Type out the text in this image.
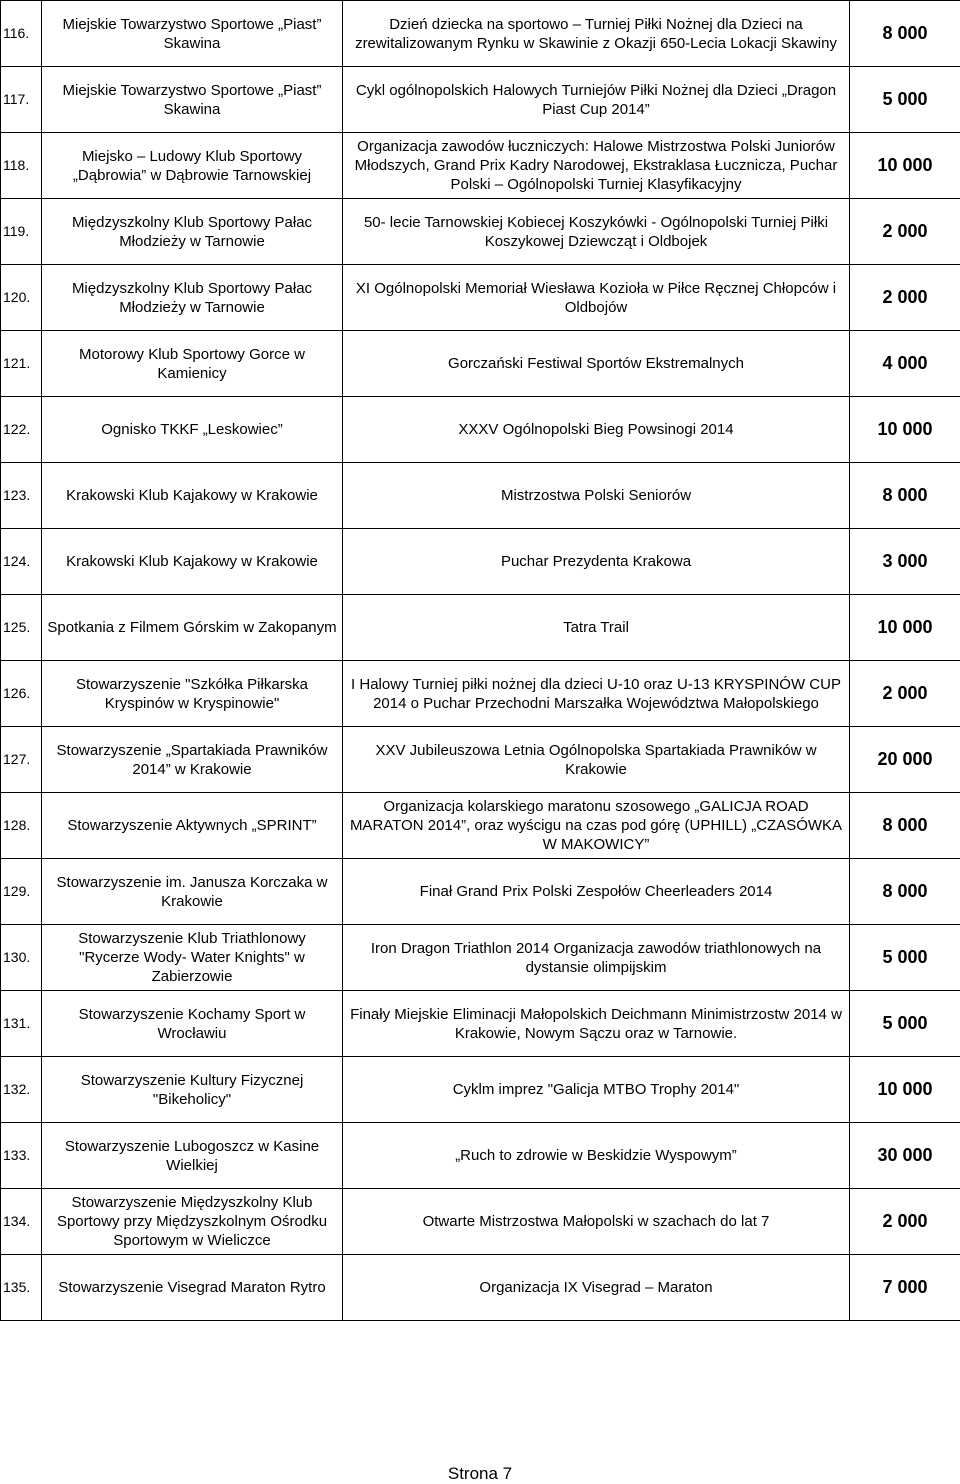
116.	Miejskie Towarzystwo Sportowe „Piast” Skawina	Dzień dziecka na sportowo – Turniej Piłki Nożnej dla Dzieci na zrewitalizowanym Rynku w Skawinie z Okazji 650-Lecia Lokacji Skawiny	8 000
117.	Miejskie Towarzystwo Sportowe „Piast” Skawina	Cykl ogólnopolskich Halowych Turniejów Piłki Nożnej dla Dzieci „Dragon Piast Cup 2014”	5 000
118.	Miejsko – Ludowy Klub Sportowy „Dąbrowia” w Dąbrowie Tarnowskiej	Organizacja zawodów łuczniczych: Halowe Mistrzostwa Polski Juniorów Młodszych, Grand Prix Kadry Narodowej, Ekstraklasa Łucznicza, Puchar Polski – Ogólnopolski Turniej Klasyfikacyjny	10 000
119.	Międzyszkolny Klub Sportowy Pałac Młodzieży w Tarnowie	50- lecie Tarnowskiej Kobiecej Koszykówki - Ogólnopolski Turniej Piłki Koszykowej Dziewcząt i Oldbojek	2 000
120.	Międzyszkolny Klub Sportowy Pałac Młodzieży w Tarnowie	XI Ogólnopolski Memoriał Wiesława Kozioła w Piłce Ręcznej Chłopców i Oldbojów	2 000
121.	Motorowy Klub Sportowy Gorce w Kamienicy	Gorczański Festiwal Sportów Ekstremalnych	4 000
122.	Ognisko TKKF „Leskowiec”	XXXV Ogólnopolski Bieg Powsinogi 2014	10 000
123.	Krakowski Klub Kajakowy w Krakowie	Mistrzostwa Polski Seniorów	8 000
124.	Krakowski Klub Kajakowy w Krakowie	Puchar Prezydenta Krakowa	3 000
125.	Spotkania z Filmem Górskim w Zakopanym	Tatra Trail	10 000
126.	Stowarzyszenie "Szkółka Piłkarska Kryspinów w Kryspinowie"	I Halowy Turniej piłki nożnej dla dzieci U-10 oraz U-13 KRYSPINÓW CUP 2014 o Puchar Przechodni Marszałka Województwa Małopolskiego	2 000
127.	Stowarzyszenie „Spartakiada Prawników 2014” w Krakowie	XXV Jubileuszowa Letnia Ogólnopolska Spartakiada Prawników w Krakowie	20 000
128.	Stowarzyszenie Aktywnych „SPRINT”	Organizacja kolarskiego maratonu szosowego „GALICJA ROAD MARATON 2014”, oraz wyścigu na czas pod górę (UPHILL) „CZASÓWKA W MAKOWICY”	8 000
129.	Stowarzyszenie im. Janusza Korczaka w Krakowie	Finał Grand Prix Polski Zespołów Cheerleaders 2014	8 000
130.	Stowarzyszenie Klub Triathlonowy "Rycerze Wody- Water Knights" w Zabierzowie	Iron Dragon Triathlon 2014 Organizacja zawodów triathlonowych na dystansie olimpijskim	5 000
131.	Stowarzyszenie Kochamy Sport w Wrocławiu	Finały Miejskie Eliminacji Małopolskich Deichmann Minimistrzostw 2014 w Krakowie, Nowym Sączu oraz w Tarnowie.	5 000
132.	Stowarzyszenie Kultury Fizycznej "Bikeholicy"	Cyklm imprez "Galicja MTBO Trophy 2014"	10 000
133.	Stowarzyszenie Lubogoszcz w Kasine Wielkiej	„Ruch to zdrowie w Beskidzie Wyspowym”	30 000
134.	Stowarzyszenie Międzyszkolny Klub Sportowy przy Międzyszkolnym Ośrodku Sportowym w Wieliczce	Otwarte Mistrzostwa Małopolski w szachach do lat 7	2 000
135.	Stowarzyszenie Visegrad Maraton Rytro	Organizacja IX Visegrad – Maraton	7 000
Strona 7
